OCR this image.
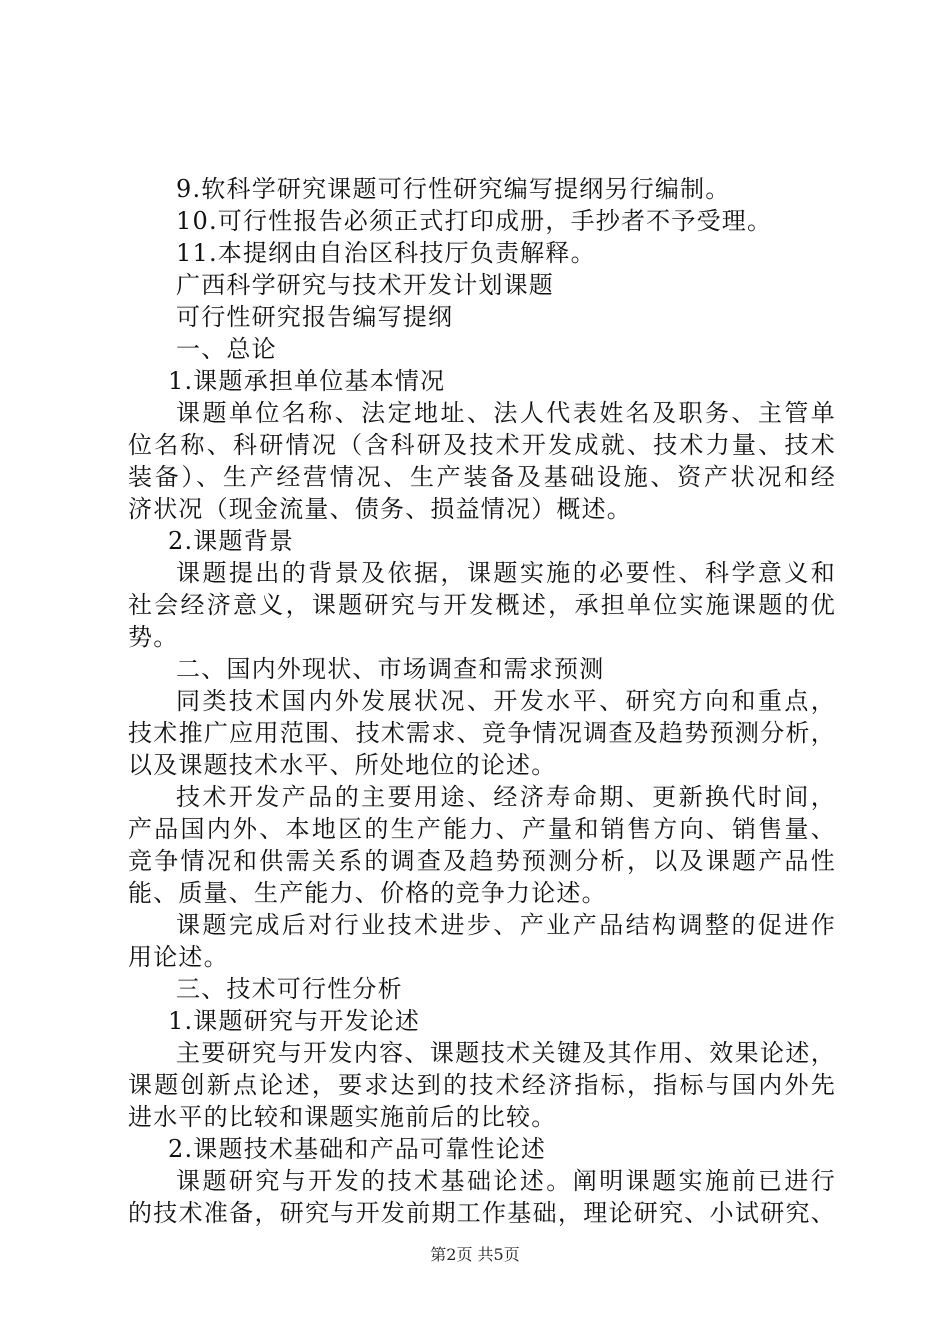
9.软科学研究课题可行性研究编写提纲另行编制。
10.可行性报告必须正式打印成册，手抄者不予受理。
11.本提纲由自治区科技厅负责解释。
广西科学研究与技术开发计划课题
可行性研究报告编写提纲
一、总论
1.课题承担单位基本情况
课题单位名称、法定地址、法人代表姓名及职务、主管单
位名称、科研情况（含科研及技术开发成就、技术力量、技术
装备）、生产经营情况、生产装备及基础设施、资产状况和经
济状况（现金流量、债务、损益情况）概述。
2.课题背景
课题提出的背景及依据，课题实施的必要性、科学意义和
社会经济意义，课题研究与开发概述，承担单位实施课题的优
势。
二、国内外现状、市场调查和需求预测
同类技术国内外发展状况、开发水平、研究方向和重点，
技术推广应用范围、技术需求、竞争情况调查及趋势预测分析，
以及课题技术水平、所处地位的论述。
技术开发产品的主要用途、经济寿命期、更新换代时间，
产品国内外、本地区的生产能力、产量和销售方向、销售量、
竞争情况和供需关系的调查及趋势预测分析，以及课题产品性
能、质量、生产能力、价格的竞争力论述。
课题完成后对行业技术进步、产业产品结构调整的促进作
用论述。
三、技术可行性分析
1.课题研究与开发论述
主要研究与开发内容、课题技术关键及其作用、效果论述，
课题创新点论述，要求达到的技术经济指标，指标与国内外先
进水平的比较和课题实施前后的比较。
2.课题技术基础和产品可靠性论述
课题研究与开发的技术基础论述。阐明课题实施前已进行
的技术准备，研究与开发前期工作基础，理论研究、小试研究、
第2页 共5页
